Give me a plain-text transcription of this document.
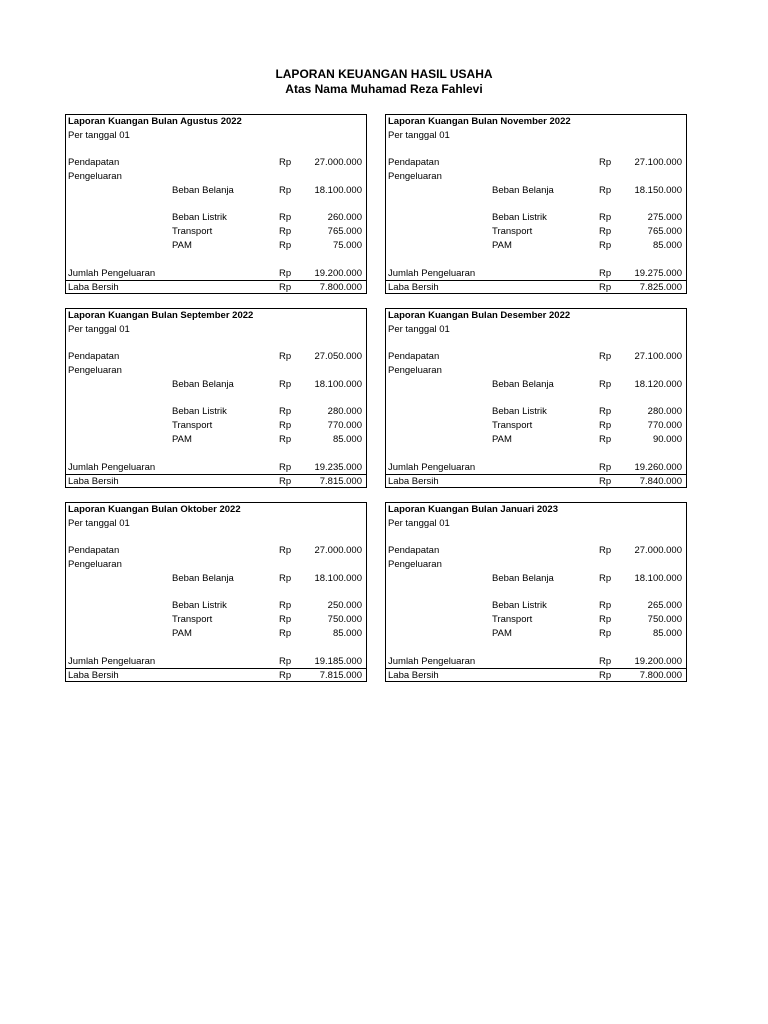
LAPORAN KEUANGAN HASIL USAHA

Atas Nama Muhamad Reza Fahlevi

Laporan Kuangan Bulan Agustus 2022
Per tanggal 01
Pendapatan	Rp 27.000.000
Pengeluaran
Beban Belanja	Rp 18.100.000
Beban Listrik	Rp	260.000
Transport	Rp	765.000
PAM	Rp	75.000
Jumlah Pengeluaran	Rp 19.200.000
Laba Bersih	Rp	7.800.000
Laporan Kuangan Bulan November 2022
Per tanggal 01
Pendapatan	Rp 27.100.000
Pengeluaran
Beban Belanja	Rp 18.150.000
Beban Listrik	Rp	275.000
Transport	Rp	765.000
PAM	Rp	85.000
Jumlah Pengeluaran	Rp 19.275.000
Laba Bersih	Rp	7.825.000
Laporan Kuangan Bulan September 2022
Per tanggal 01
Pendapatan	Rp 27.050.000
Pengeluaran
Beban Belanja	Rp 18.100.000
Beban Listrik	Rp	280.000
Transport	Rp	770.000
PAM	Rp	85.000
Jumlah Pengeluaran	Rp 19.235.000
Laba Bersih	Rp	7.815.000
Laporan Kuangan Bulan Desember 2022
Per tanggal 01
Pendapatan	Rp 27.100.000
Pengeluaran
Beban Belanja	Rp 18.120.000
Beban Listrik	Rp	280.000
Transport	Rp	770.000
PAM	Rp	90.000
Jumlah Pengeluaran	Rp 19.260.000
Laba Bersih	Rp	7.840.000
Laporan Kuangan Bulan Oktober 2022
Per tanggal 01
Pendapatan	Rp 27.000.000
Pengeluaran
Beban Belanja	Rp 18.100.000
Beban Listrik	Rp	250.000
Transport	Rp	750.000
PAM	Rp	85.000
Jumlah Pengeluaran	Rp 19.185.000
Laba Bersih	Rp	7.815.000
Laporan Kuangan Bulan Januari 2023
Per tanggal 01
Pendapatan	Rp 27.000.000
Pengeluaran
Beban Belanja	Rp 18.100.000
Beban Listrik	Rp	265.000
Transport	Rp	750.000
PAM	Rp	85.000
Jumlah Pengeluaran	Rp 19.200.000
Laba Bersih	Rp	7.800.000
